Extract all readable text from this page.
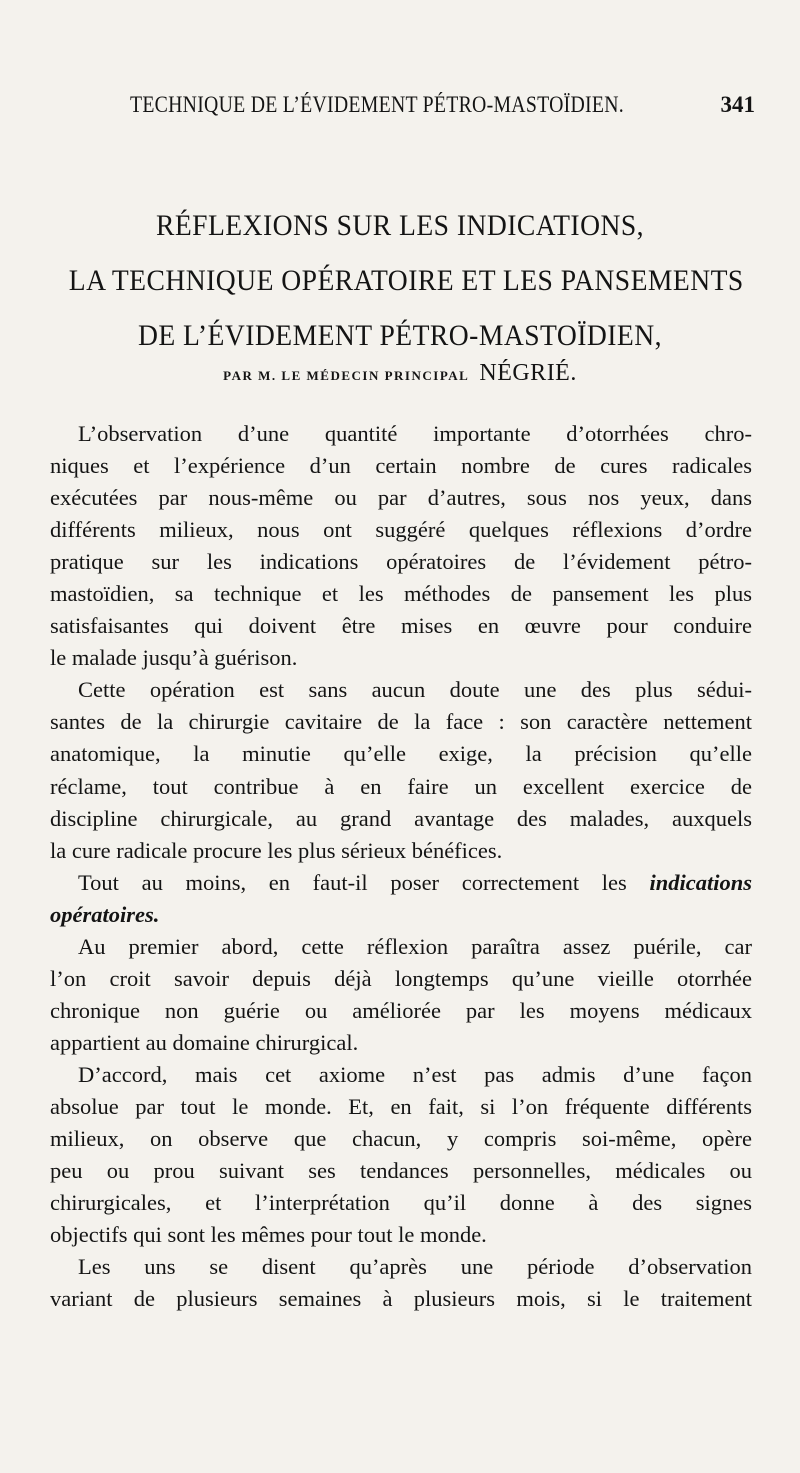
TECHNIQUE DE L’ÉVIDEMENT PÉTRO-MASTOÏDIEN.	341
RÉFLEXIONS SUR LES INDICATIONS,
LA TECHNIQUE OPÉRATOIRE ET LES PANSEMENTS
DE L’ÉVIDEMENT PÉTRO-MASTOÏDIEN,
PAR M. LE MÉDECIN PRINCIPAL NÉGRIÉ.
L’observation d’une quantité importante d’otorrhées chro-
niques et l’expérience d’un certain nombre de cures radicales
exécutées par nous-même ou par d’autres, sous nos yeux, dans
différents milieux, nous ont suggéré quelques réflexions d’ordre
pratique sur les indications opératoires de l’évidement pétro-
mastoïdien, sa technique et les méthodes de pansement les plus
satisfaisantes qui doivent être mises en œuvre pour conduire
le malade jusqu’à guérison.
Cette opération est sans aucun doute une des plus sédui-
santes de la chirurgie cavitaire de la face : son caractère nettement
anatomique, la minutie qu’elle exige, la précision qu’elle
réclame, tout contribue à en faire un excellent exercice de
discipline chirurgicale, au grand avantage des malades, auxquels
la cure radicale procure les plus sérieux bénéfices.
Tout au moins, en faut-il poser correctement les indications
opératoires.
Au premier abord, cette réflexion paraîtra assez puérile, car
l’on croit savoir depuis déjà longtemps qu’une vieille otorrhée
chronique non guérie ou améliorée par les moyens médicaux
appartient au domaine chirurgical.
D’accord, mais cet axiome n’est pas admis d’une façon
absolue par tout le monde. Et, en fait, si l’on fréquente différents
milieux, on observe que chacun, y compris soi-même, opère
peu ou prou suivant ses tendances personnelles, médicales ou
chirurgicales, et l’interprétation qu’il donne à des signes
objectifs qui sont les mêmes pour tout le monde.
Les uns se disent qu’après une période d’observation
variant de plusieurs semaines à plusieurs mois, si le traitement
